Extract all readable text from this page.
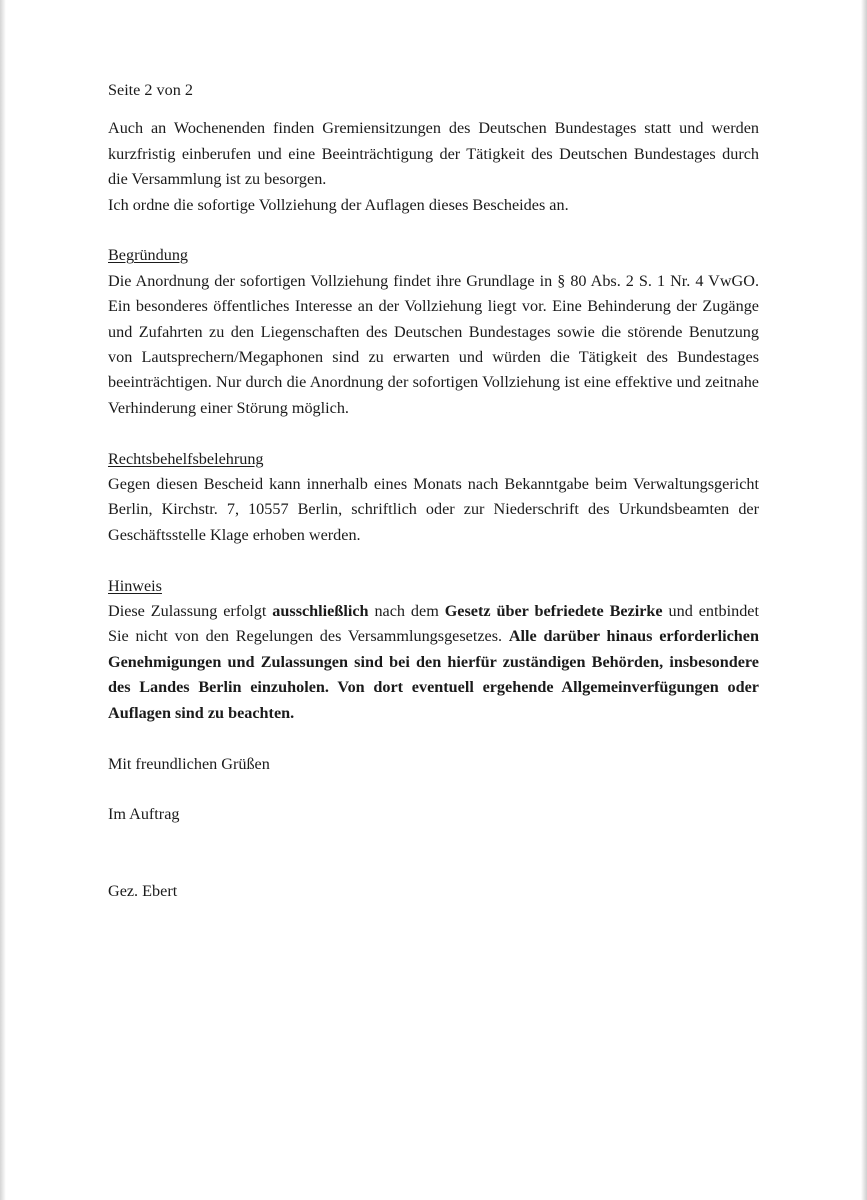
Seite 2 von 2

Auch an Wochenenden finden Gremiensitzungen des Deutschen Bundestages statt und werden kurzfristig einberufen und eine Beeinträchtigung der Tätigkeit des Deutschen Bundestages durch die Versammlung ist zu besorgen.

Ich ordne die sofortige Vollziehung der Auflagen dieses Bescheides an.

Begründung
Die Anordnung der sofortigen Vollziehung findet ihre Grundlage in § 80 Abs. 2 S. 1 Nr. 4 VwGO. Ein besonderes öffentliches Interesse an der Vollziehung liegt vor. Eine Behinderung der Zugänge und Zufahrten zu den Liegenschaften des Deutschen Bundestages sowie die störende Benutzung von Lautsprechern/Megaphonen sind zu erwarten und würden die Tätigkeit des Bundestages beeinträchtigen. Nur durch die Anordnung der sofortigen Vollziehung ist eine effektive und zeitnahe Verhinderung einer Störung möglich.

Rechtsbehelfsbelehrung
Gegen diesen Bescheid kann innerhalb eines Monats nach Bekanntgabe beim Verwaltungsgericht Berlin, Kirchstr. 7, 10557 Berlin, schriftlich oder zur Niederschrift des Urkundsbeamten der Geschäftsstelle Klage erhoben werden.

Hinweis
Diese Zulassung erfolgt ausschließlich nach dem Gesetz über befriedete Bezirke und entbindet Sie nicht von den Regelungen des Versammlungsgesetzes. Alle darüber hinaus erforderlichen Genehmigungen und Zulassungen sind bei den hierfür zuständigen Behörden, insbesondere des Landes Berlin einzuholen. Von dort eventuell ergehende Allgemeinverfügungen oder Auflagen sind zu beachten.

Mit freundlichen Grüßen

Im Auftrag

Gez. Ebert
